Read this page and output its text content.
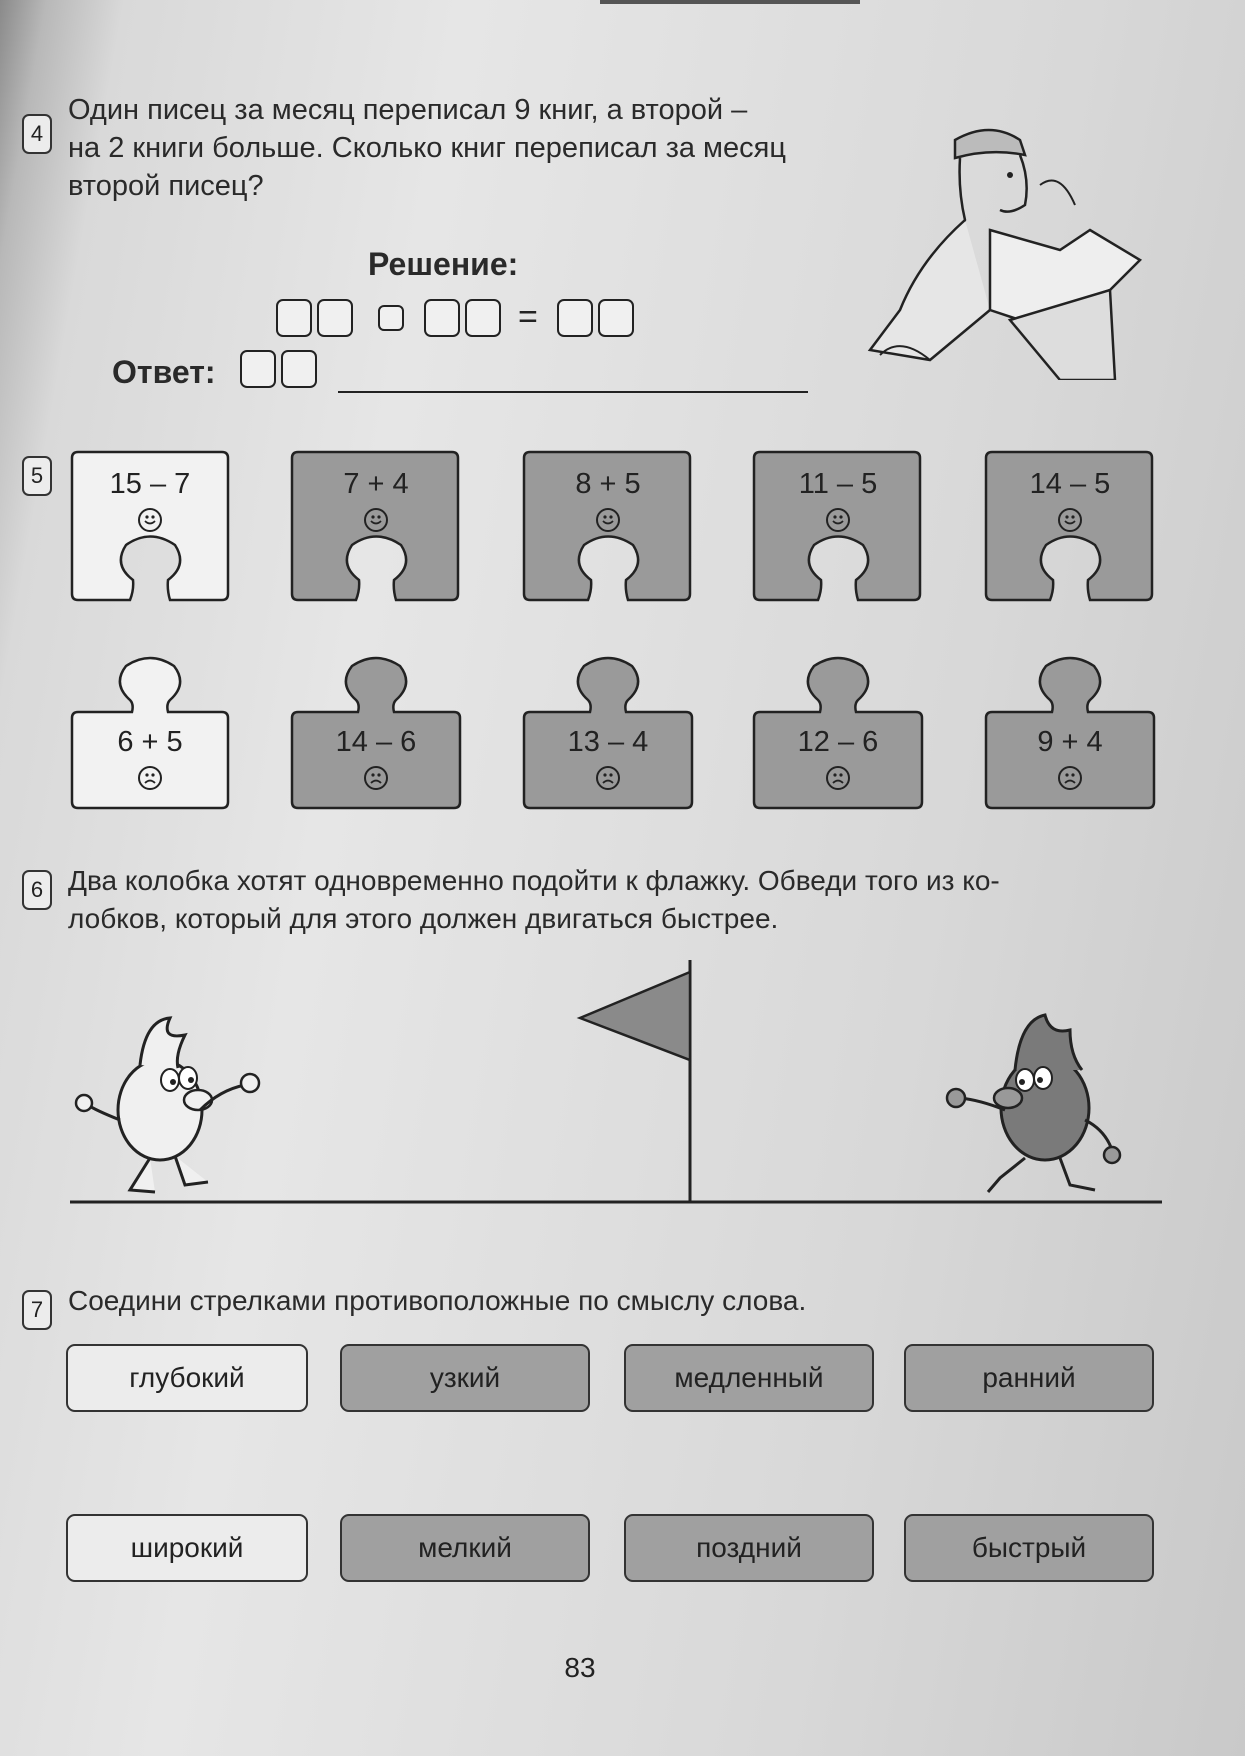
4
Один писец за месяц переписал 9 книг, а второй –
на 2 книги больше. Сколько книг переписал за месяц
второй писец?
Решение:
=
Ответ:
5	15 – 7	7 + 4	8 + 5	11 – 5	14 – 5
6 + 5	14 – 6	13 – 4	12 – 6	9 + 4
6 Два колобка хотят одновременно подойти к флажку. Обведи того из ко-
лобков, который для этого должен двигаться быстрее.
7 Соедини стрелками противоположные по смыслу слова.
глубокий	узкий	медленный	ранний
широкий	мелкий	поздний	быстрый
83
